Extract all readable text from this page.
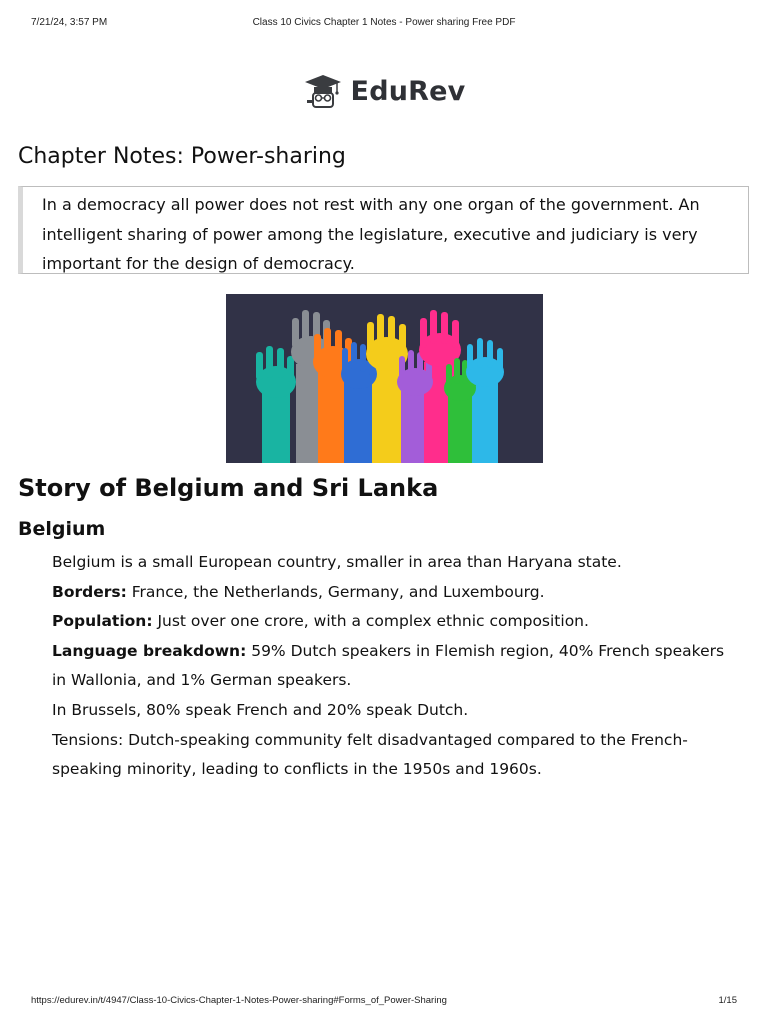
7/21/24, 3:57 PM	Class 10 Civics Chapter 1 Notes - Power sharing Free PDF
EduRev
Chapter Notes: Power-sharing
In a democracy all power does not rest with any one organ of the government. An intelligent sharing of power among the legislature, executive and judiciary is very important for the design of democracy.
Story of Belgium and Sri Lanka
Belgium

Belgium is a small European country, smaller in area than Haryana state.

Borders: France, the Netherlands, Germany, and Luxembourg.

Population: Just over one crore, with a complex ethnic composition.

Language breakdown: 59% Dutch speakers in Flemish region, 40% French speakers in Wallonia, and 1% German speakers.

In Brussels, 80% speak French and 20% speak Dutch.

Tensions: Dutch-speaking community felt disadvantaged compared to the French-speaking minority, leading to conflicts in the 1950s and 1960s.

https://edurev.in/t/4947/Class-10-Civics-Chapter-1-Notes-Power-sharing#Forms_of_Power-Sharing	1/15
